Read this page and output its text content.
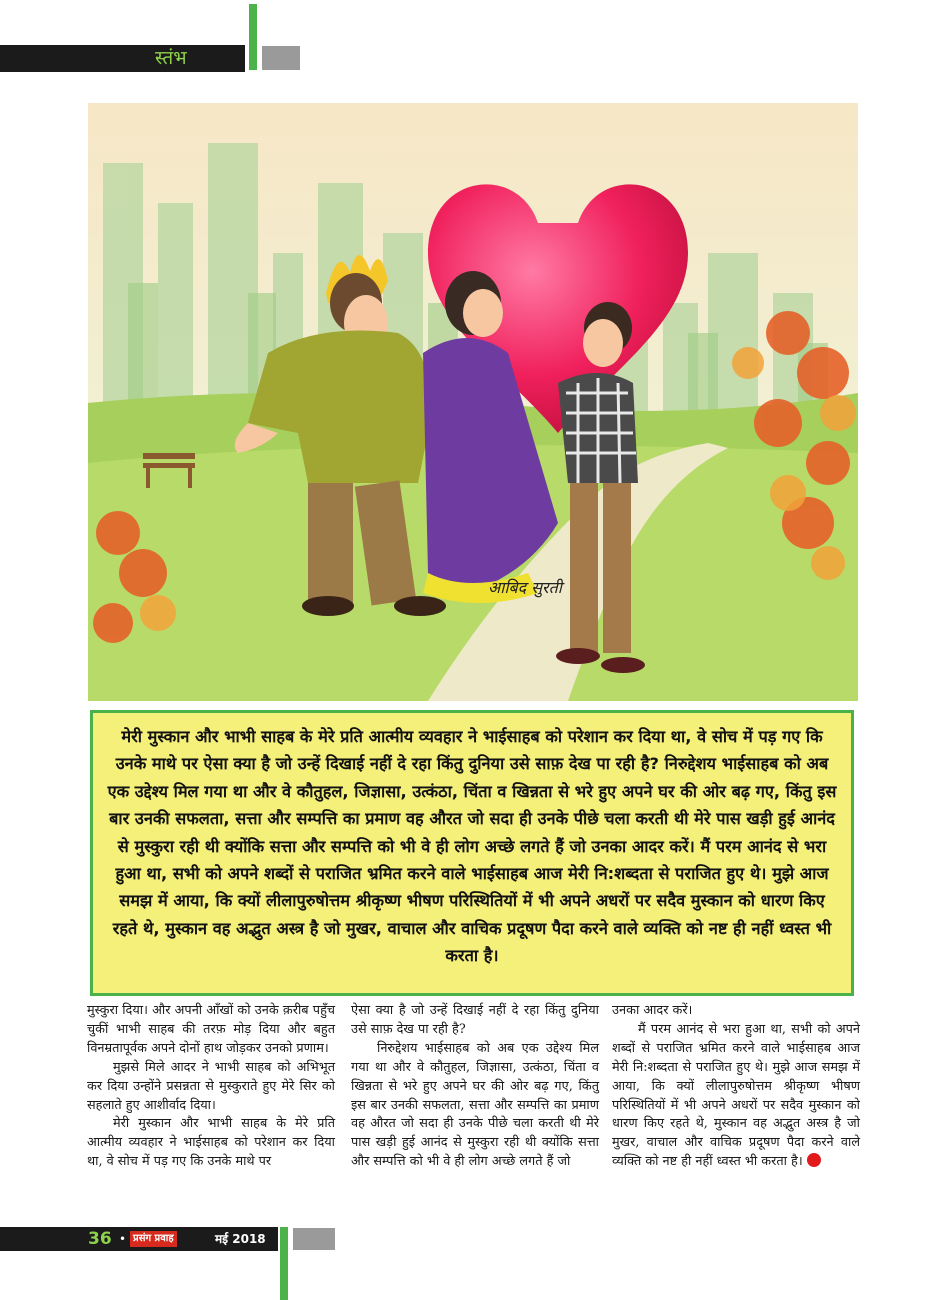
स्तंभ
आबिद सुरती
मेरी मुस्कान और भाभी साहब के मेरे प्रति आत्मीय व्यवहार ने भाईसाहब को परेशान कर दिया था, वे सोच में पड़ गए कि उनके माथे पर ऐसा क्या है जो उन्हें दिखाई नहीं दे रहा किंतु दुनिया उसे साफ़ देख पा रही है? निरुद्देशय भाईसाहब को अब एक उद्देश्य मिल गया था और वे कौतुहल, जिज्ञासा, उत्कंठा, चिंता व खिन्नता से भरे हुए अपने घर की ओर बढ़ गए, किंतु इस बार उनकी सफलता, सत्ता और सम्पत्ति का प्रमाण वह औरत जो सदा ही उनके पीछे चला करती थी मेरे पास खड़ी हुई आनंद से मुस्कुरा रही थी क्योंकि सत्ता और सम्पत्ति को भी वे ही लोग अच्छे लगते हैं जो उनका आदर करें। मैं परम आनंद से भरा हुआ था, सभी को अपने शब्दों से पराजित भ्रमित करने वाले भाईसाहब आज मेरी नि:शब्दता से पराजित हुए थे। मुझे आज समझ में आया, कि क्यों लीलापुरुषोत्तम श्रीकृष्ण भीषण परिस्थितियों में भी अपने अधरों पर सदैव मुस्कान को धारण किए रहते थे, मुस्कान वह अद्भुत अस्त्र है जो मुखर, वाचाल और वाचिक प्रदूषण पैदा करने वाले व्यक्ति को नष्ट ही नहीं ध्वस्त भी करता है।

मुस्कुरा दिया। और अपनी आँखों को उनके क़रीब पहुँच चुकीं भाभी साहब की तरफ़ मोड़ दिया और बहुत विनम्रतापूर्वक अपने दोनों हाथ जोड़कर उनको प्रणाम।

मुझसे मिले आदर ने भाभी साहब को अभिभूत कर दिया उन्होंने प्रसन्नता से मुस्कुराते हुए मेरे सिर को सहलाते हुए आशीर्वाद दिया।

मेरी मुस्कान और भाभी साहब के मेरे प्रति आत्मीय व्यवहार ने भाईसाहब को परेशान कर दिया था, वे सोच में पड़ गए कि उनके माथे पर

ऐसा क्या है जो उन्हें दिखाई नहीं दे रहा किंतु दुनिया उसे साफ़ देख पा रही है?

निरुद्देशय भाईसाहब को अब एक उद्देश्य मिल गया था और वे कौतुहल, जिज्ञासा, उत्कंठा, चिंता व खिन्नता से भरे हुए अपने घर की ओर बढ़ गए, किंतु इस बार उनकी सफलता, सत्ता और सम्पत्ति का प्रमाण वह औरत जो सदा ही उनके पीछे चला करती थी मेरे पास खड़ी हुई आनंद से मुस्कुरा रही थी क्योंकि सत्ता और सम्पत्ति को भी वे ही लोग अच्छे लगते हैं जो

उनका आदर करें।

मैं परम आनंद से भरा हुआ था, सभी को अपने शब्दों से पराजित भ्रमित करने वाले भाईसाहब आज मेरी नि:शब्दता से पराजित हुए थे। मुझे आज समझ में आया, कि क्यों लीलापुरुषोत्तम श्रीकृष्ण भीषण परिस्थितियों में भी अपने अधरों पर सदैव मुस्कान को धारण किए रहते थे, मुस्कान वह अद्भुत अस्त्र है जो मुखर, वाचाल और वाचिक प्रदूषण पैदा करने वाले व्यक्ति को नष्ट ही नहीं ध्वस्त भी करता है।

36 • प्रसंग प्रवाह	मई 2018
